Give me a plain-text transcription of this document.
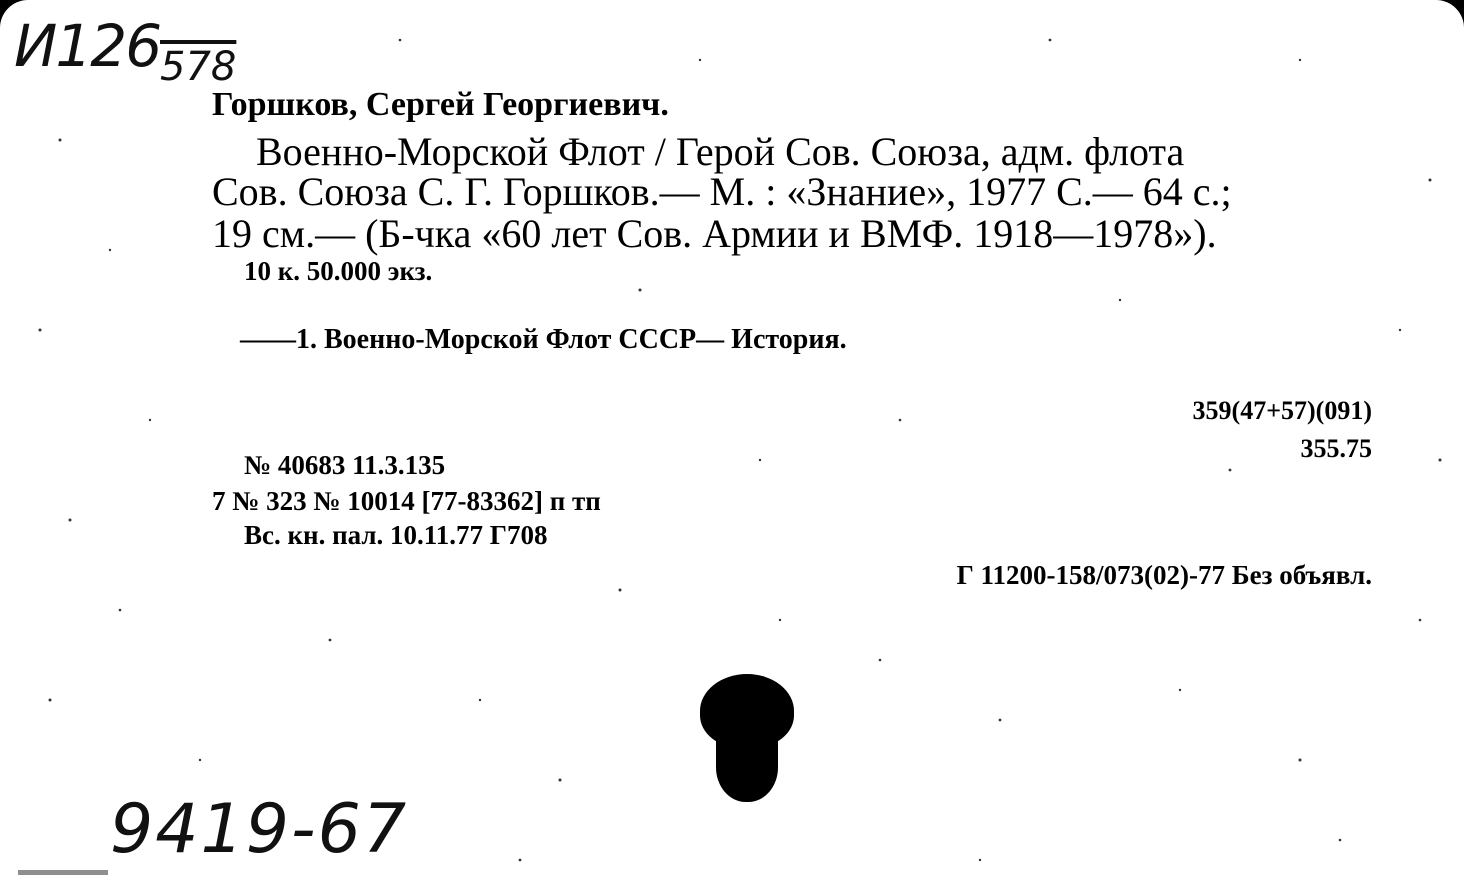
И126 578

Горшков, Сергей Георгиевич.

Военно-Морской Флот / Герой Сов. Союза, адм. флота

Сов. Союза С. Г. Горшков.— М. : «Знание», 1977 С.— 64 с.;

19 см.— (Б-чка «60 лет Сов. Армии и ВМФ. 1918—1978»).

10 к. 50.000 экз.

——1. Военно-Морской Флот СССР— История.

359(47+57)(091)

355.75

№ 40683 11.3.135

7 № 323 № 10014 [77-83362] п тп

Вс. кн. пал. 10.11.77 Г708

Г 11200-158/073(02)-77 Без объявл.

9419-67
